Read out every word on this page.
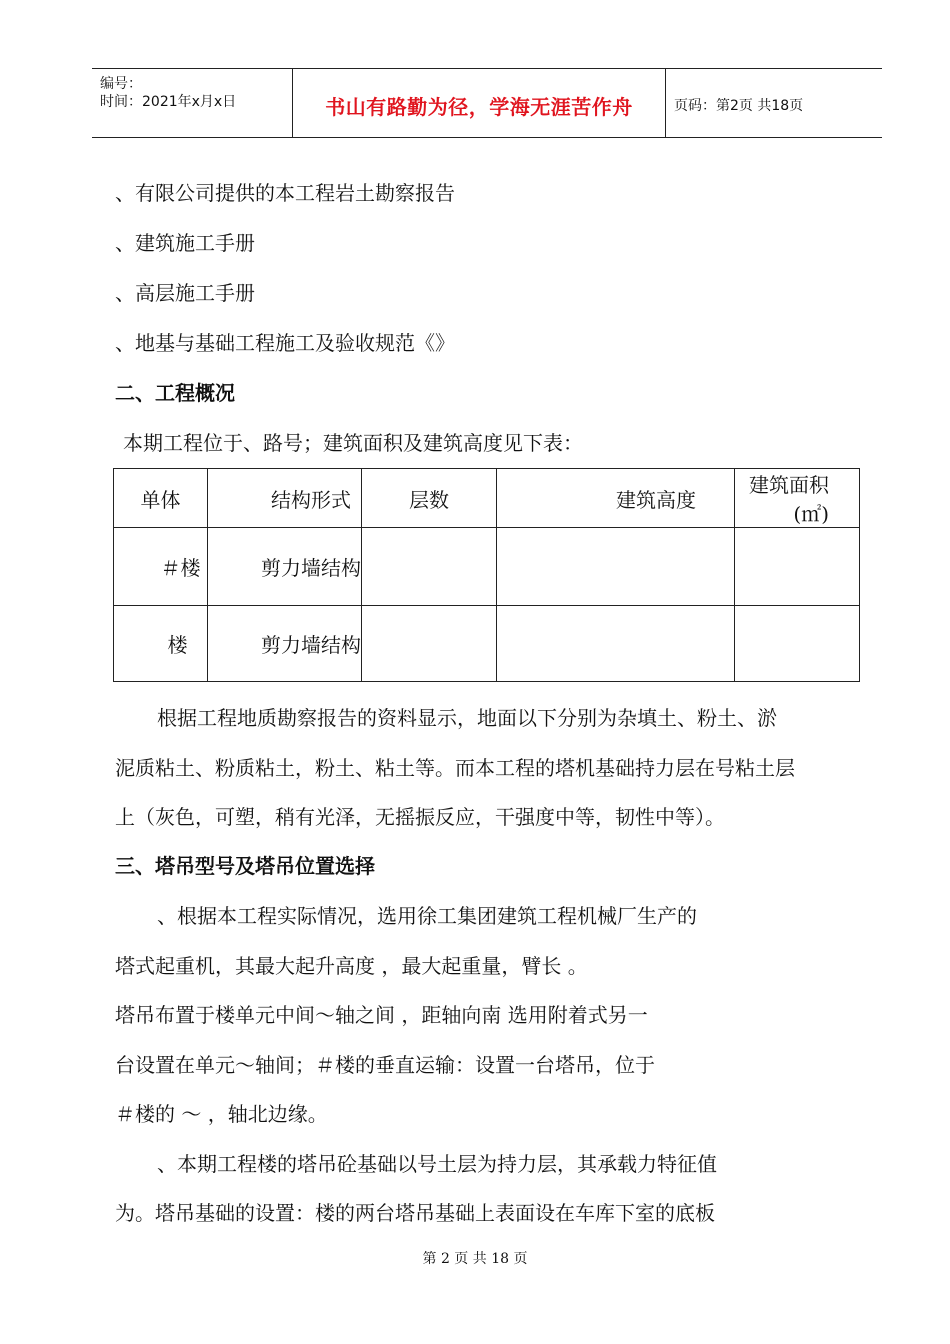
编号：
时间：2021年x月x日	书山有路勤为径，学海无涯苦作舟	页码：第2页 共18页
、有限公司提供的本工程岩土勘察报告
、建筑施工手册
、高层施工手册
、地基与基础工程施工及验收规范《》
二、工程概况
本期工程位于、路号；建筑面积及建筑高度见下表：
单体	结构形式	层数	建筑高度	建筑面积(㎡)
＃楼	剪力墙结构			
楼	剪力墙结构			
根据工程地质勘察报告的资料显示，地面以下分别为杂填土、粉土、淤
泥质粘土、粉质粘土，粉土、粘土等。而本工程的塔机基础持力层在号粘土层
上（灰色，可塑，稍有光泽，无摇振反应，干强度中等，韧性中等）。
三、塔吊型号及塔吊位置选择
、根据本工程实际情况，选用徐工集团建筑工程机械厂生产的
塔式起重机，其最大起升高度 ，最大起重量，臂长 。
塔吊布置于楼单元中间～轴之间 ，距轴向南 选用附着式另一
台设置在单元～轴间；＃楼的垂直运输：设置一台塔吊，位于
＃楼的 ～ ，轴北边缘。
、本期工程楼的塔吊砼基础以号土层为持力层，其承载力特征值
为。塔吊基础的设置：楼的两台塔吊基础上表面设在车库下室的底板
第 2 页 共 18 页
